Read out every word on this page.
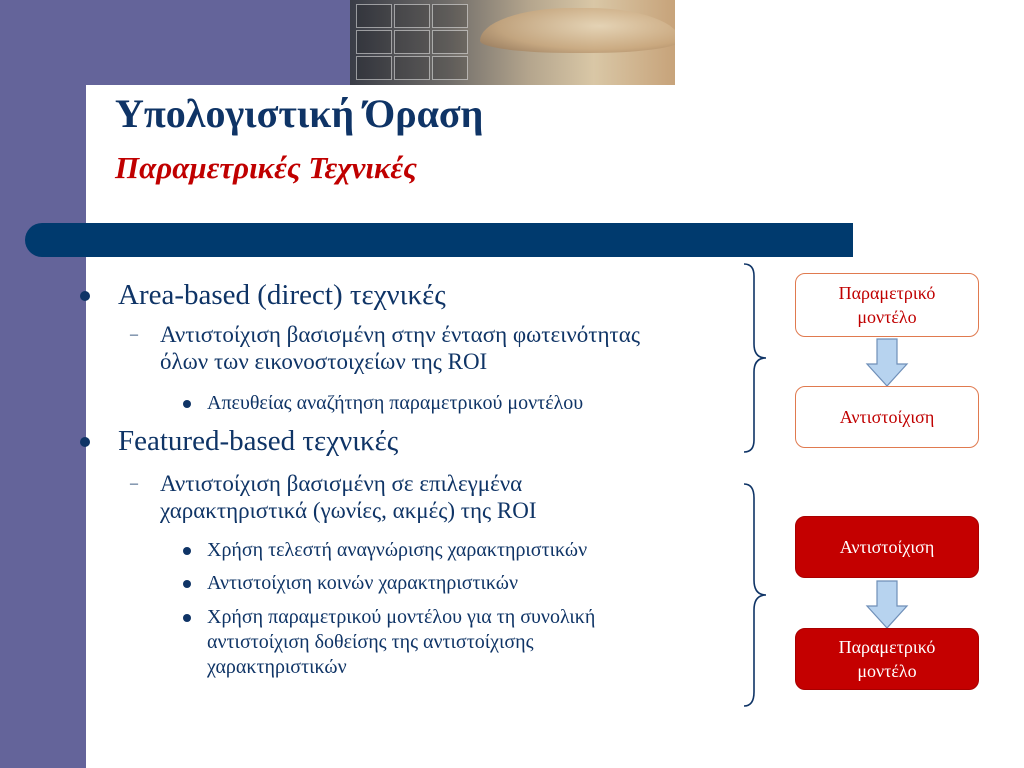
Υπολογιστική Όραση
Παραμετρικές Τεχνικές
Area-based (direct) τεχνικές
– Αντιστοίχιση βασισμένη στην ένταση φωτεινότητας
όλων των εικονοστοιχείων της ROI
Απευθείας αναζήτηση παραμετρικού μοντέλου
Featured-based τεχνικές
– Αντιστοίχιση βασισμένη σε επιλεγμένα
χαρακτηριστικά (γωνίες, ακμές) της ROI
Χρήση τελεστή αναγνώρισης χαρακτηριστικών
Αντιστοίχιση κοινών χαρακτηριστικών
Χρήση παραμετρικού μοντέλου για τη συνολική
αντιστοίχιση δοθείσης της αντιστοίχισης
χαρακτηριστικών
Παραμετρικό
μοντέλο
Αντιστοίχιση
Αντιστοίχιση
Παραμετρικό
μοντέλο
